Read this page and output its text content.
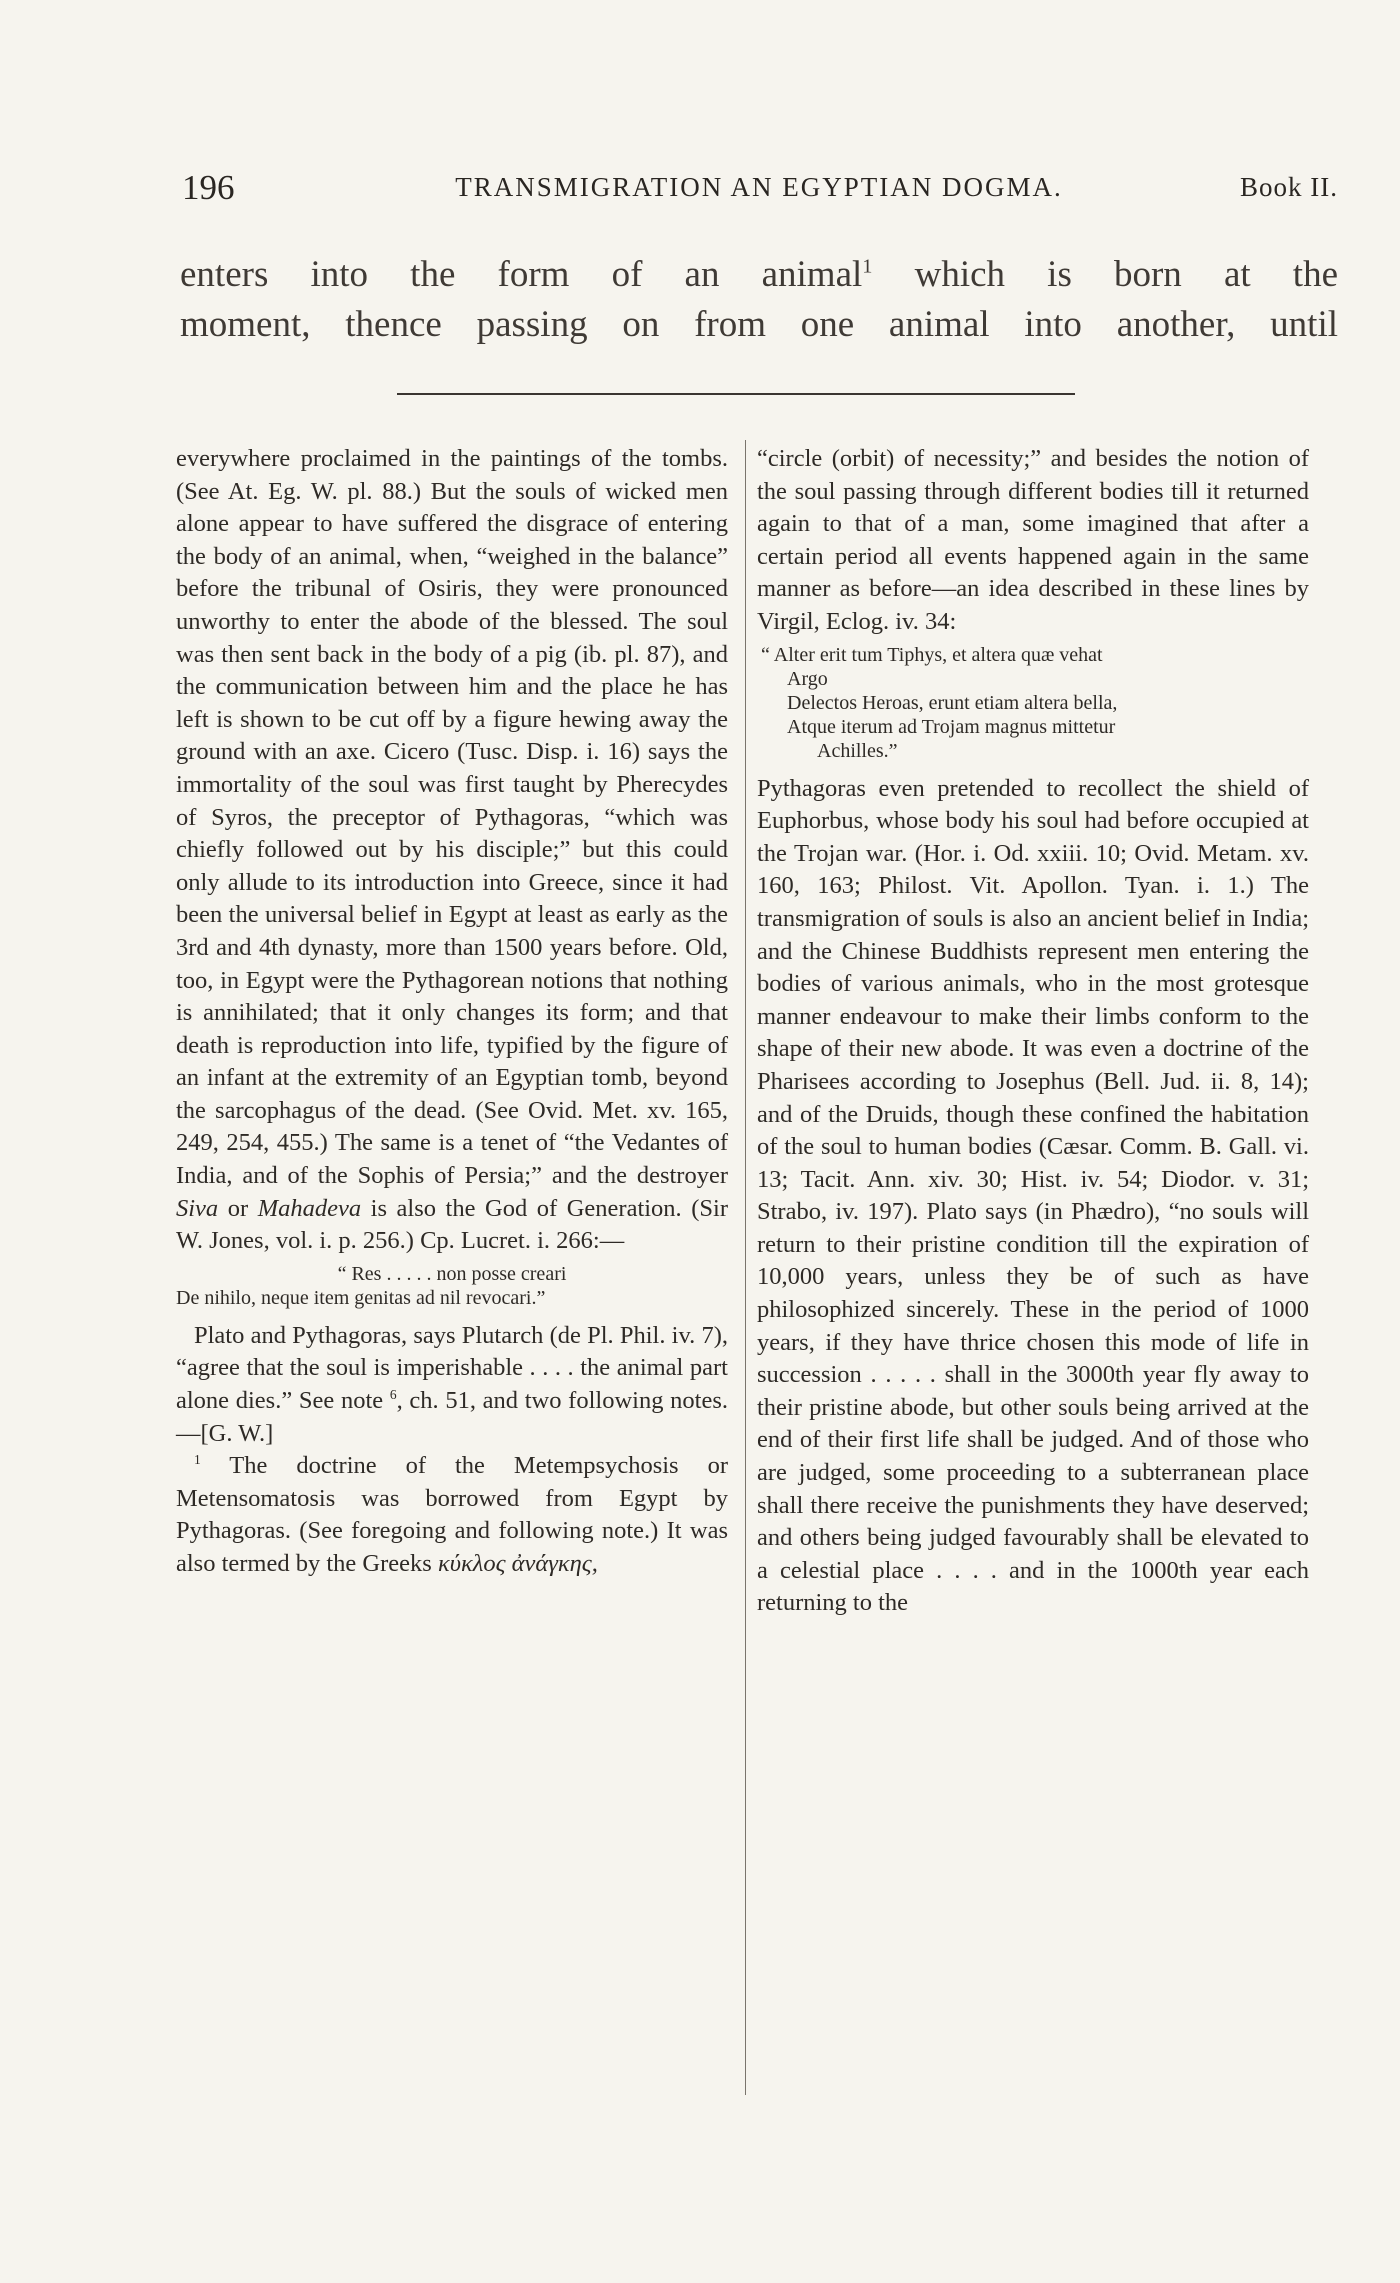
196	TRANSMIGRATION AN EGYPTIAN DOGMA.	Book II.

enters into the form of an animal$^1$ which is born at the

moment, thence passing on from one animal into another, until

everywhere proclaimed in the paintings of the tombs. (See At. Eg. W. pl. 88.) But the souls of wicked men alone appear to have suffered the disgrace of entering the body of an animal, when, “weighed in the balance” before the tribunal of Osiris, they were pronounced unworthy to enter the abode of the blessed. The soul was then sent back in the body of a pig (ib. pl. 87), and the communication between him and the place he has left is shown to be cut off by a figure hewing away the ground with an axe. Cicero (Tusc. Disp. i. 16) says the immortality of the soul was first taught by Pherecydes of Syros, the preceptor of Pythagoras, “which was chiefly followed out by his disciple;” but this could only allude to its introduction into Greece, since it had been the universal belief in Egypt at least as early as the 3rd and 4th dynasty, more than 1500 years before. Old, too, in Egypt were the Pythagorean notions that nothing is annihilated; that it only changes its form; and that death is reproduction into life, typified by the figure of an infant at the extremity of an Egyptian tomb, beyond the sarcophagus of the dead. (See Ovid. Met. xv. 165, 249, 254, 455.) The same is a tenet of “the Vedantes of India, and of the Sophis of Persia;” and the destroyer Siva or Mahadeva is also the God of Generation. (Sir W. Jones, vol. i. p. 256.) Cp. Lucret. i. 266:—

“ Res . . . . . non posse creari
De nihilo, neque item genitas ad nil revocari.”

Plato and Pythagoras, says Plutarch (de Pl. Phil. iv. 7), “agree that the soul is imperishable . . . . the animal part alone dies.” See note $^6$, ch. 51, and two following notes.—[G. W.]

$^1$ The doctrine of the Metempsychosis or Metensomatosis was borrowed from Egypt by Pythagoras. (See foregoing and following note.) It was also termed by the Greeks κύκλος ἀνάγκης,

“circle (orbit) of necessity;” and besides the notion of the soul passing through different bodies till it returned again to that of a man, some imagined that after a certain period all events happened again in the same manner as before—an idea described in these lines by Virgil, Eclog. iv. 34:

“ Alter erit tum Tiphys, et altera quæ vehat
Argo
Delectos Heroas, erunt etiam altera bella,
Atque iterum ad Trojam magnus mittetur
Achilles.”

Pythagoras even pretended to recollect the shield of Euphorbus, whose body his soul had before occupied at the Trojan war. (Hor. i. Od. xxiii. 10; Ovid. Metam. xv. 160, 163; Philost. Vit. Apollon. Tyan. i. 1.) The transmigration of souls is also an ancient belief in India; and the Chinese Buddhists represent men entering the bodies of various animals, who in the most grotesque manner endeavour to make their limbs conform to the shape of their new abode. It was even a doctrine of the Pharisees according to Josephus (Bell. Jud. ii. 8, 14); and of the Druids, though these confined the habitation of the soul to human bodies (Cæsar. Comm. B. Gall. vi. 13; Tacit. Ann. xiv. 30; Hist. iv. 54; Diodor. v. 31; Strabo, iv. 197). Plato says (in Phædro), “no souls will return to their pristine condition till the expiration of 10,000 years, unless they be of such as have philosophized sincerely. These in the period of 1000 years, if they have thrice chosen this mode of life in succession . . . . . shall in the 3000th year fly away to their pristine abode, but other souls being arrived at the end of their first life shall be judged. And of those who are judged, some proceeding to a subterranean place shall there receive the punishments they have deserved; and others being judged favourably shall be elevated to a celestial place . . . . and in the 1000th year each returning to the
